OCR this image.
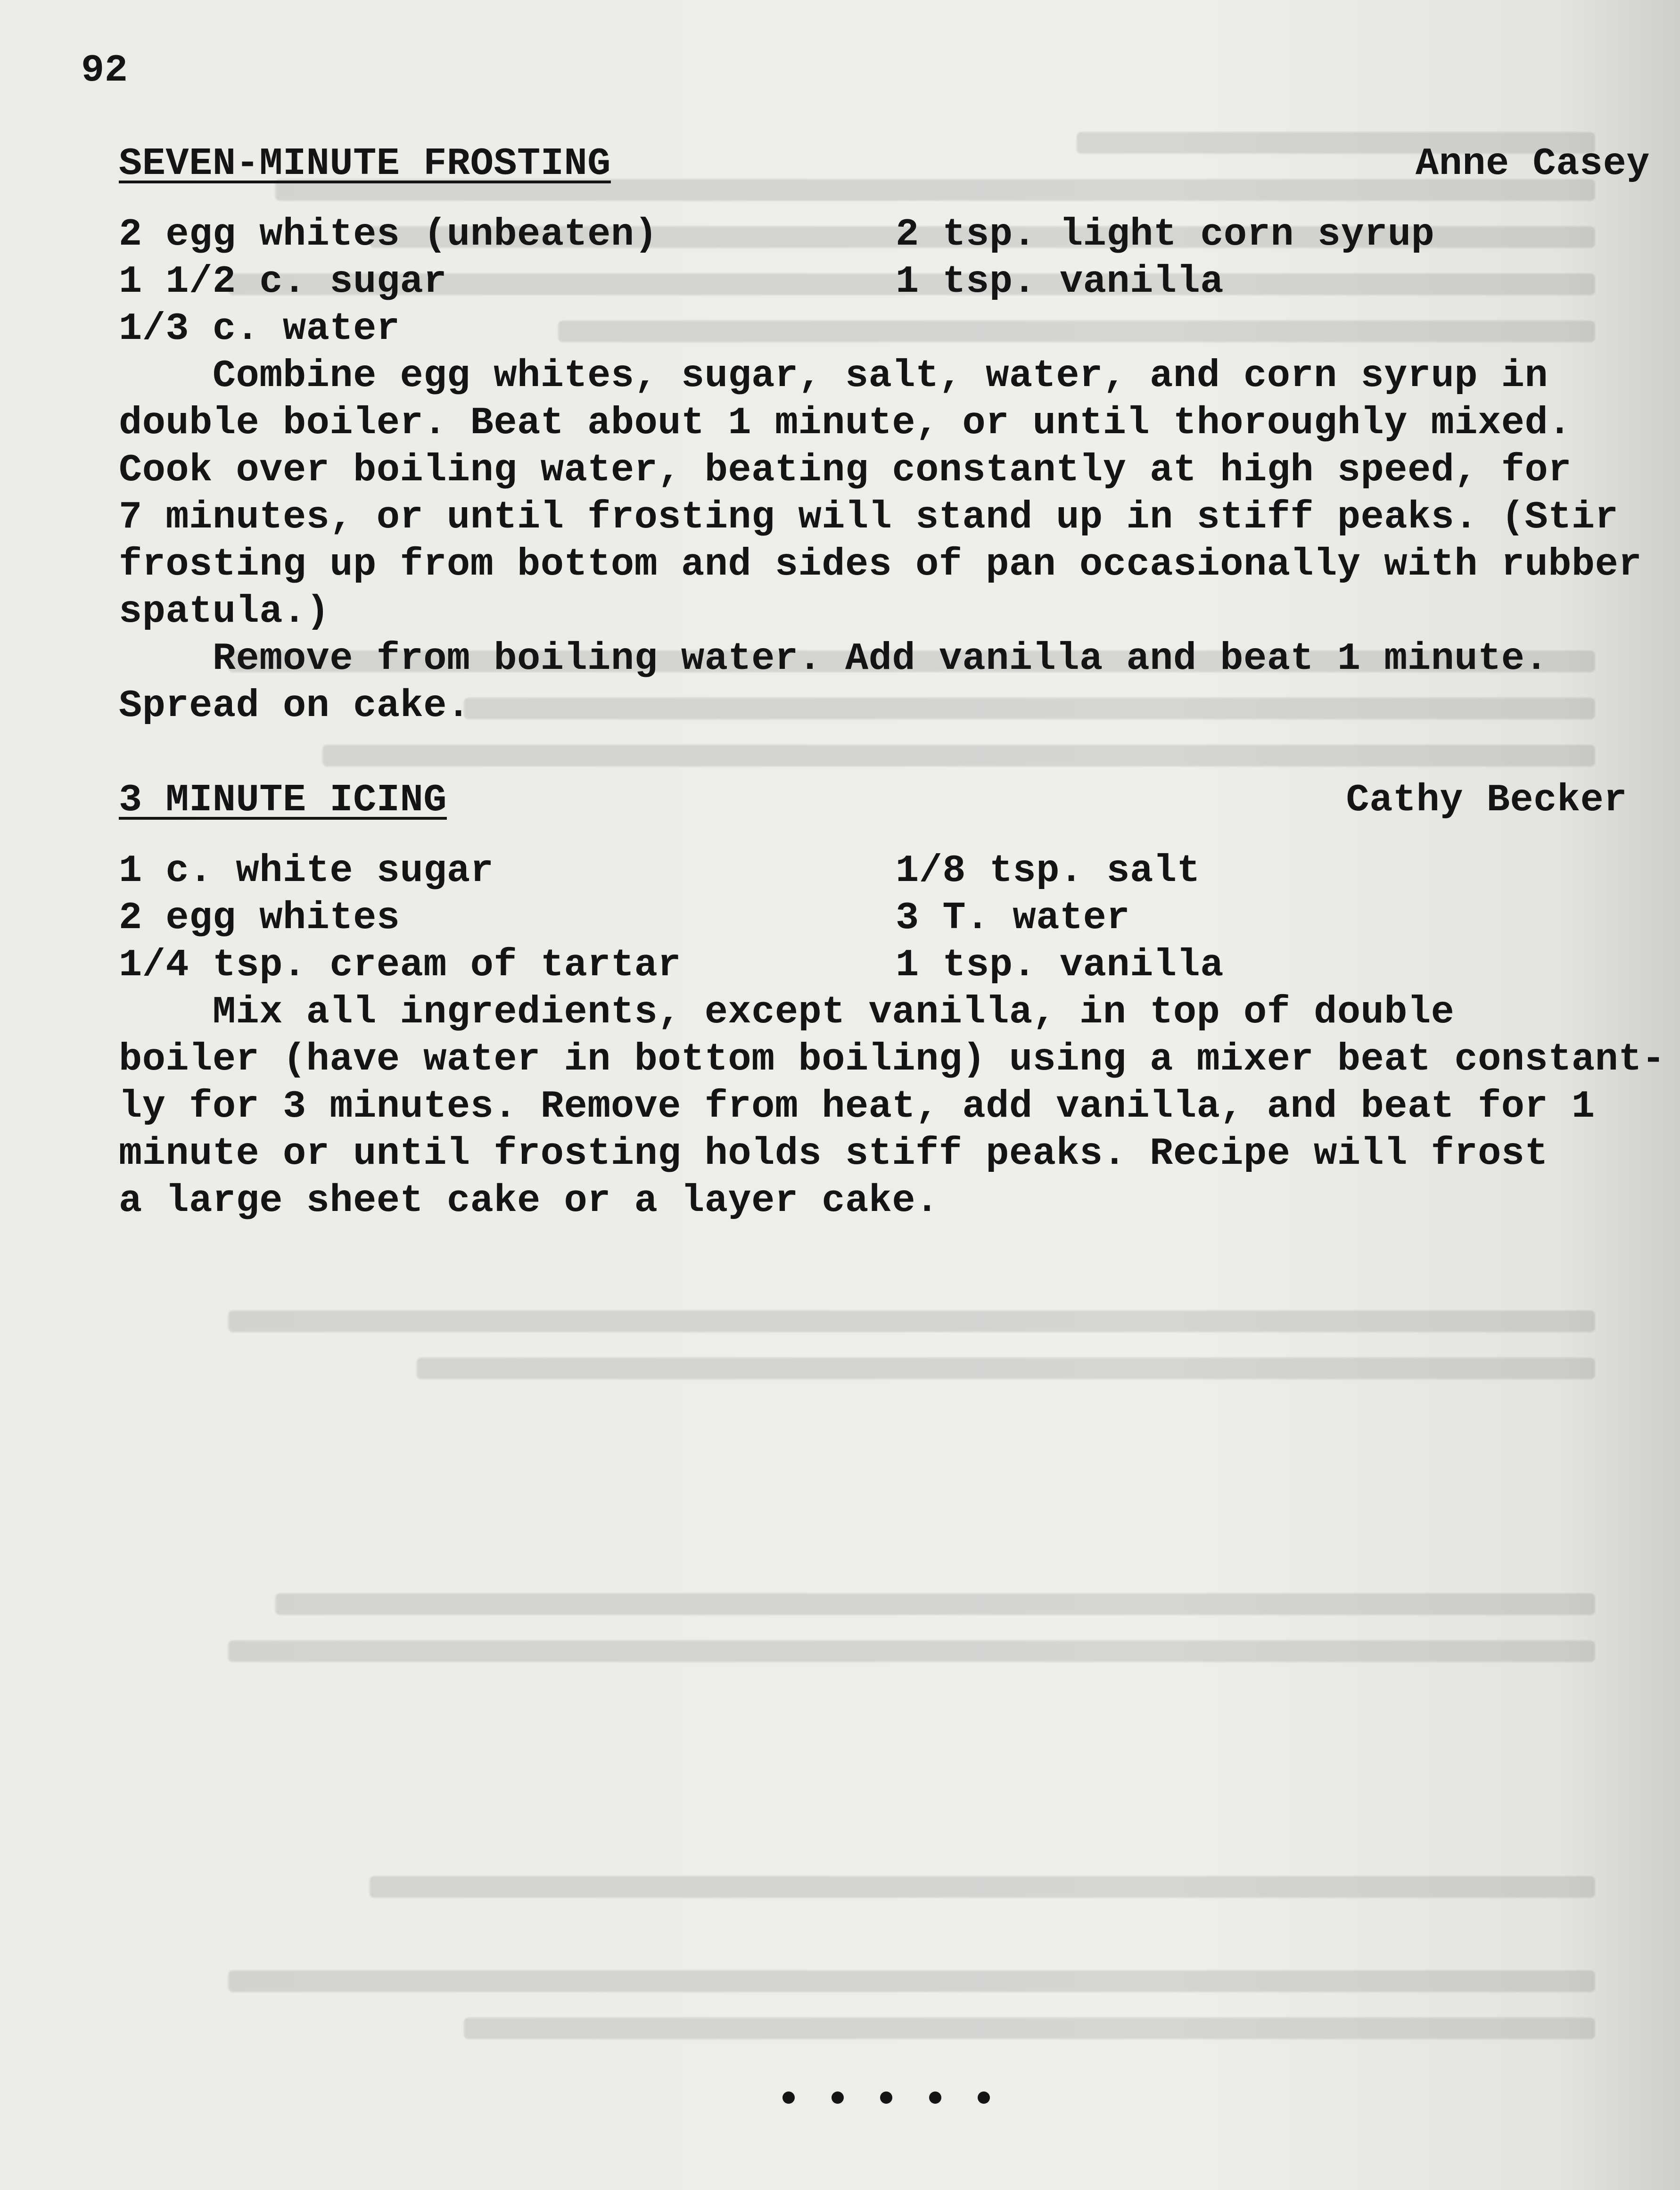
92
SEVEN-MINUTE FROSTING	Anne Casey
2 egg whites (unbeaten)
1 1/2 c. sugar
1/3 c. water
2 tsp. light corn syrup
1 tsp. vanilla
Combine egg whites, sugar, salt, water, and corn syrup in
double boiler. Beat about 1 minute, or until thoroughly mixed.
Cook over boiling water, beating constantly at high speed, for
7 minutes, or until frosting will stand up in stiff peaks. (Stir
frosting up from bottom and sides of pan occasionally with rubber
spatula.)
Remove from boiling water. Add vanilla and beat 1 minute.
Spread on cake.
3 MINUTE ICING	Cathy Becker
1 c. white sugar
2 egg whites
1/4 tsp. cream of tartar
1/8 tsp. salt
3 T. water
1 tsp. vanilla
Mix all ingredients, except vanilla, in top of double
boiler (have water in bottom boiling) using a mixer beat constant-
ly for 3 minutes. Remove from heat, add vanilla, and beat for 1
minute or until frosting holds stiff peaks. Recipe will frost
a large sheet cake or a layer cake.
